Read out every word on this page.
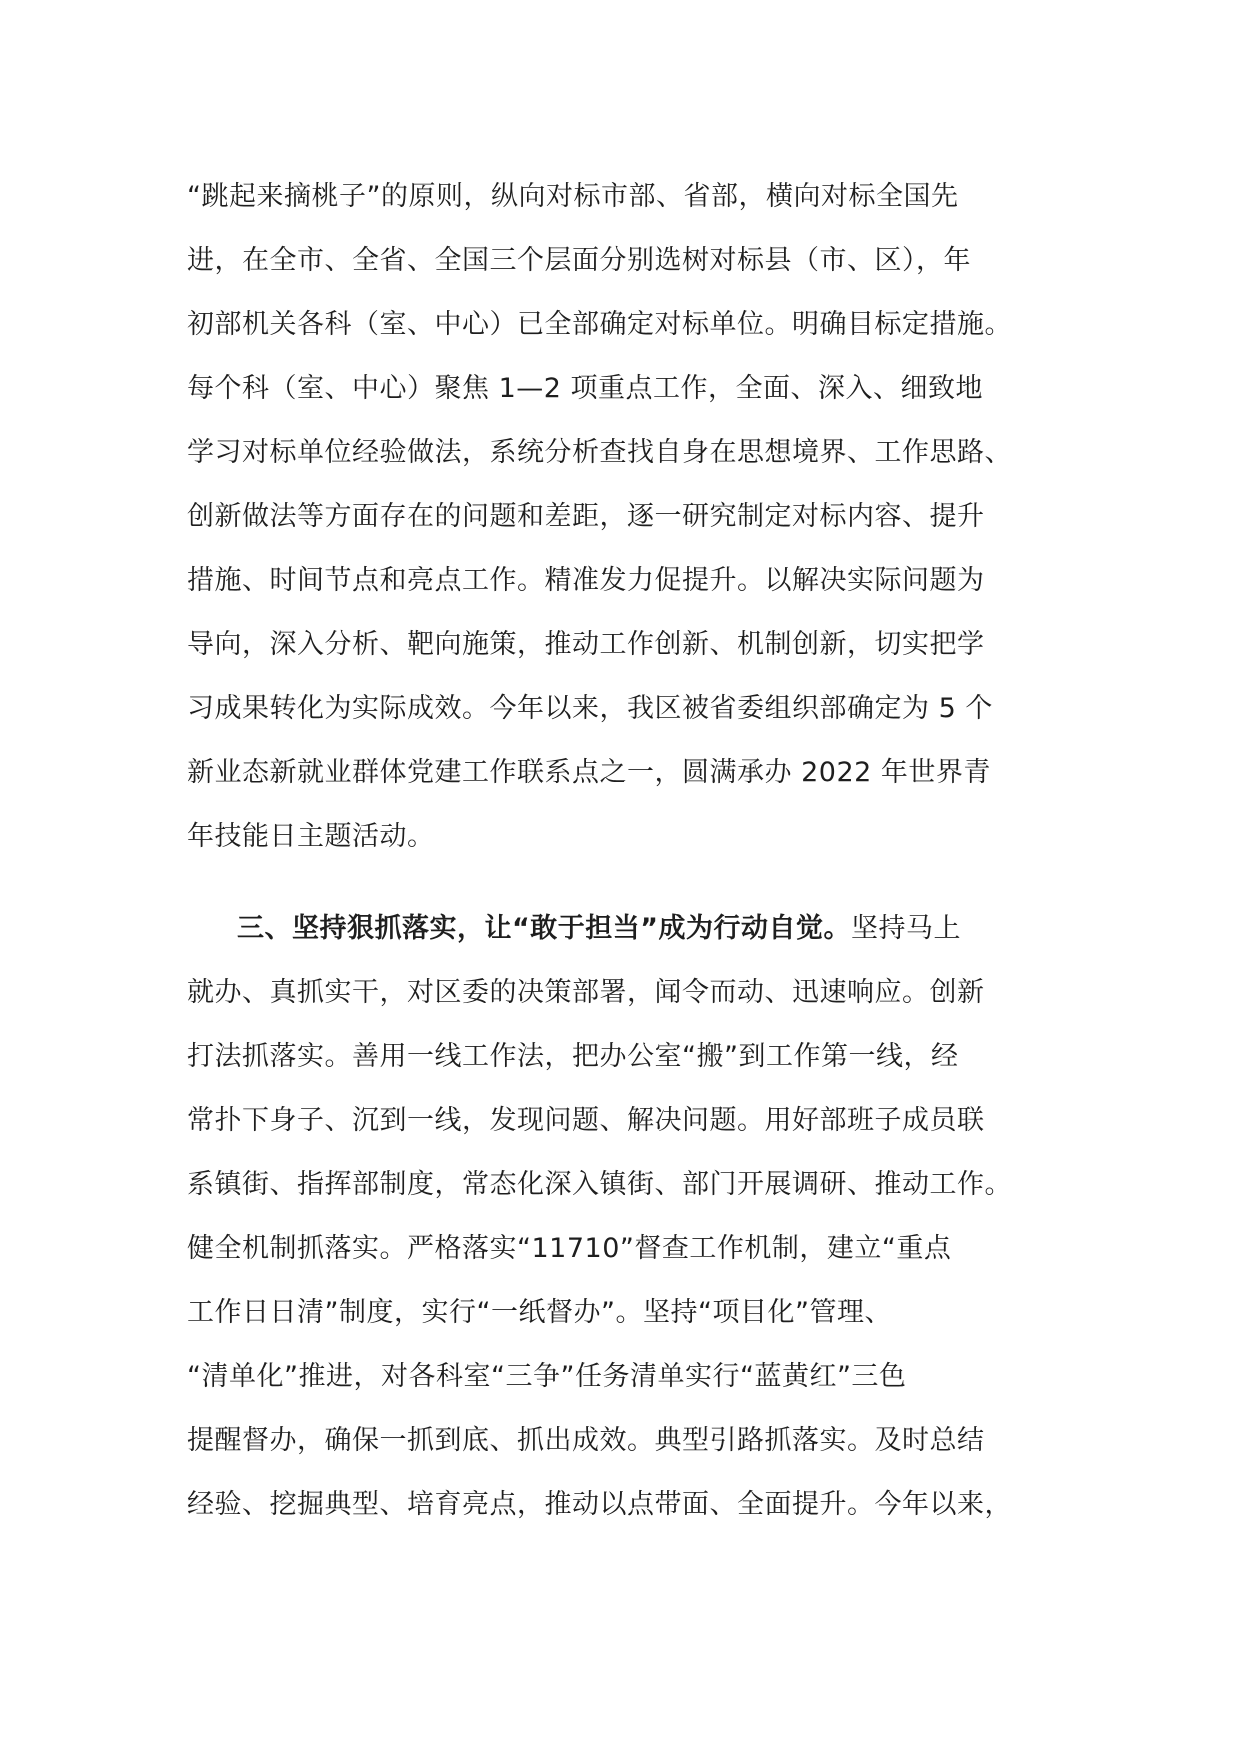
“跳起来摘桃子”的原则，纵向对标市部、省部，横向对标全国先
进，在全市、全省、全国三个层面分别选树对标县（市、区），年
初部机关各科（室、中心）已全部确定对标单位。明确目标定措施。
每个科（室、中心）聚焦 1—2 项重点工作，全面、深入、细致地
学习对标单位经验做法，系统分析查找自身在思想境界、工作思路、
创新做法等方面存在的问题和差距，逐一研究制定对标内容、提升
措施、时间节点和亮点工作。精准发力促提升。以解决实际问题为
导向，深入分析、靶向施策，推动工作创新、机制创新，切实把学
习成果转化为实际成效。今年以来，我区被省委组织部确定为 5 个
新业态新就业群体党建工作联系点之一，圆满承办 2022 年世界青
年技能日主题活动。
三、坚持狠抓落实，让“敢于担当”成为行动自觉。坚持马上
就办、真抓实干，对区委的决策部署，闻令而动、迅速响应。创新
打法抓落实。善用一线工作法，把办公室“搬”到工作第一线，经
常扑下身子、沉到一线，发现问题、解决问题。用好部班子成员联
系镇街、指挥部制度，常态化深入镇街、部门开展调研、推动工作。
健全机制抓落实。严格落实“11710”督查工作机制，建立“重点
工作日日清”制度，实行“一纸督办”。坚持“项目化”管理、
“清单化”推进，对各科室“三争”任务清单实行“蓝黄红”三色
提醒督办，确保一抓到底、抓出成效。典型引路抓落实。及时总结
经验、挖掘典型、培育亮点，推动以点带面、全面提升。今年以来，
